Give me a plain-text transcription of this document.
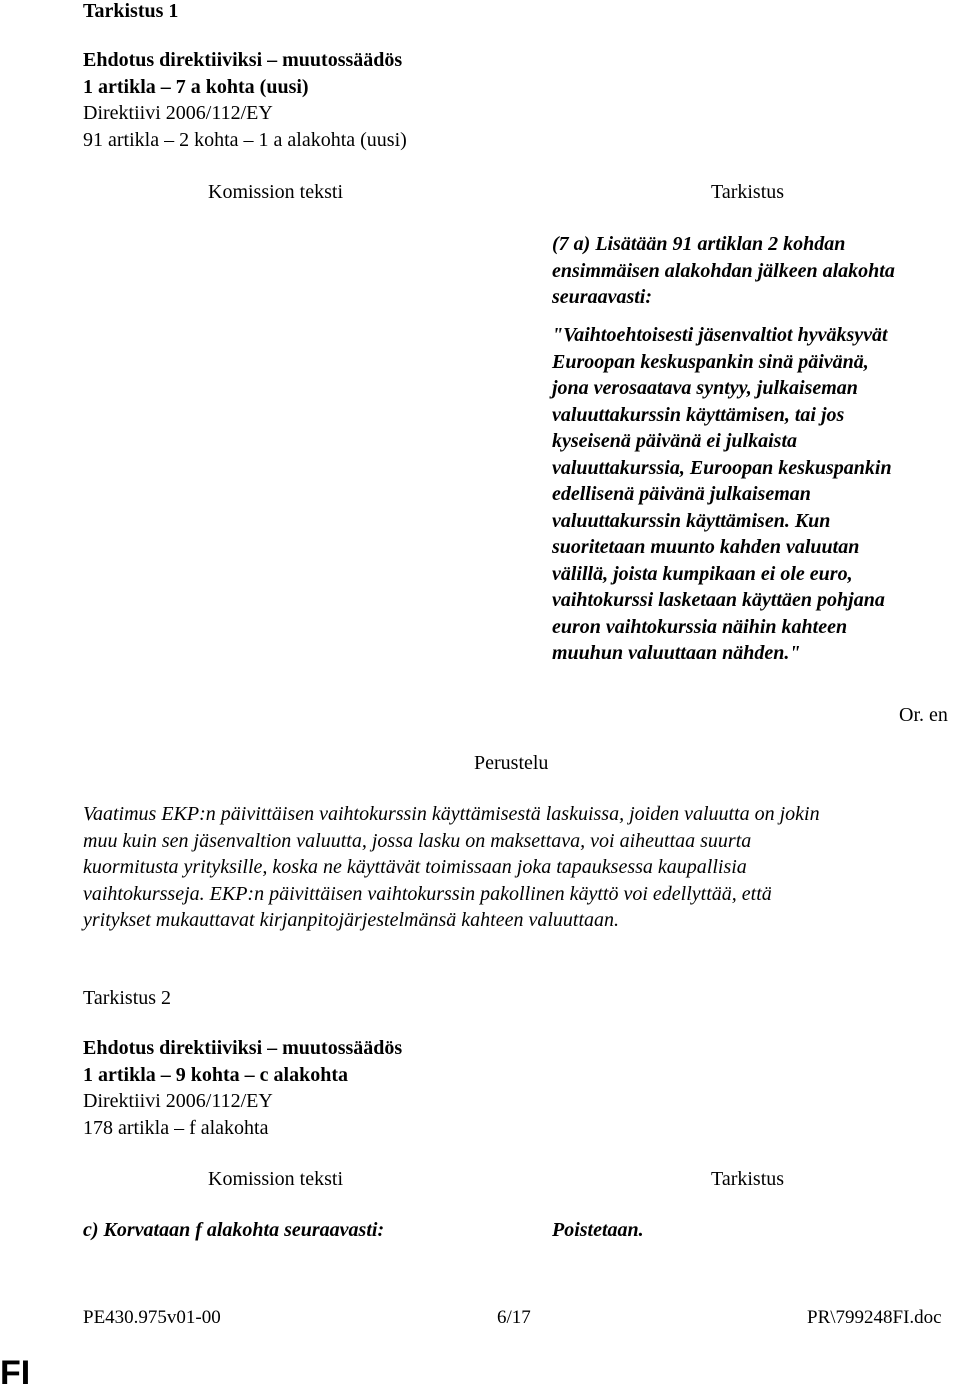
Tarkistus 1
Ehdotus direktiiviksi – muutossäädös
1 artikla – 7 a kohta (uusi)
Direktiivi 2006/112/EY
91 artikla – 2 kohta – 1 a alakohta (uusi)
Komission teksti	Tarkistus
(7 a) Lisätään 91 artiklan 2 kohdan
ensimmäisen alakohdan jälkeen alakohta
seuraavasti:
"Vaihtoehtoisesti jäsenvaltiot hyväksyvät
Euroopan keskuspankin sinä päivänä,
jona verosaatava syntyy, julkaiseman
valuuttakurssin käyttämisen, tai jos
kyseisenä päivänä ei julkaista
valuuttakurssia, Euroopan keskuspankin
edellisenä päivänä julkaiseman
valuuttakurssin käyttämisen. Kun
suoritetaan muunto kahden valuutan
välillä, joista kumpikaan ei ole euro,
vaihtokurssi lasketaan käyttäen pohjana
euron vaihtokurssia näihin kahteen
muuhun valuuttaan nähden."
Or. en
Perustelu
Vaatimus EKP:n päivittäisen vaihtokurssin käyttämisestä laskuissa, joiden valuutta on jokin
muu kuin sen jäsenvaltion valuutta, jossa lasku on maksettava, voi aiheuttaa suurta
kuormitusta yrityksille, koska ne käyttävät toimissaan joka tapauksessa kaupallisia
vaihtokursseja. EKP:n päivittäisen vaihtokurssin pakollinen käyttö voi edellyttää, että
yritykset mukauttavat kirjanpitojärjestelmänsä kahteen valuuttaan.
Tarkistus 2
Ehdotus direktiiviksi – muutossäädös
1 artikla – 9 kohta – c alakohta
Direktiivi 2006/112/EY
178 artikla – f alakohta
Komission teksti	Tarkistus
c) Korvataan f alakohta seuraavasti:	Poistetaan.
PE430.975v01-00	6/17	PR\799248FI.doc
FI
